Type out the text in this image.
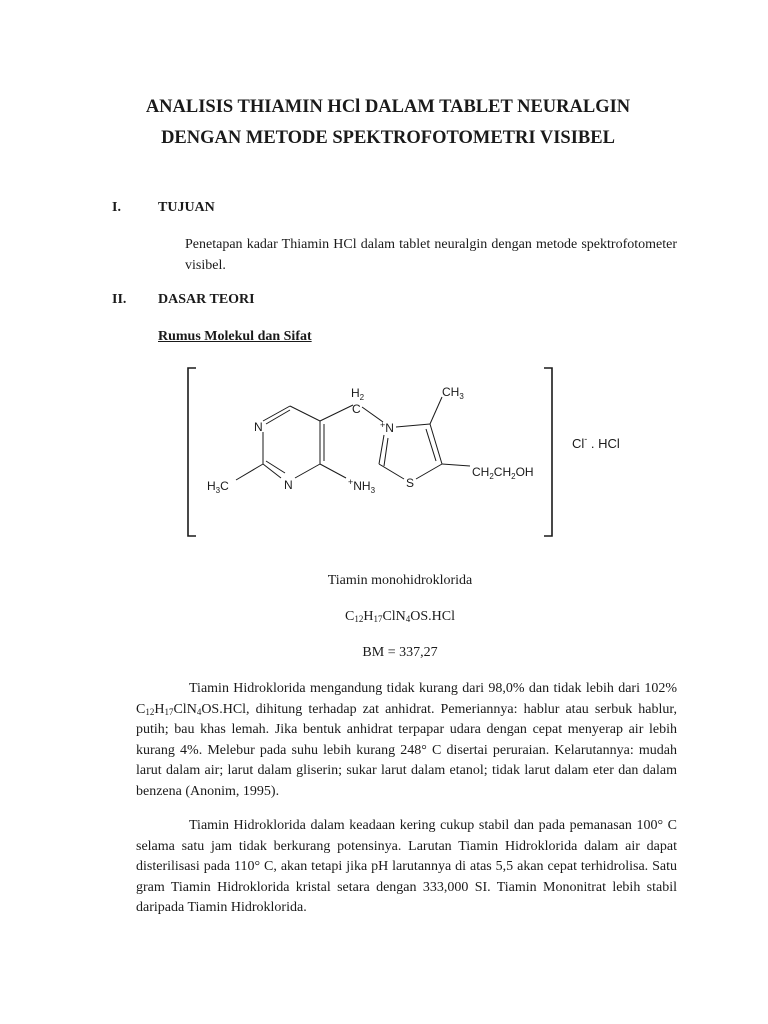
ANALISIS THIAMIN HCl DALAM TABLET NEURALGIN
DENGAN METODE SPEKTROFOTOMETRI VISIBEL
I.	TUJUAN

Penetapan kadar Thiamin HCl dalam tablet neuralgin dengan metode spektrofotometer visibel.

II. DASAR TEORI
Rumus Molekul dan Sifat
N
N
$H_3C$	$^+NH_3$
$H_2$
C
+N
$CH_3$
S
$CH_2CH_2OH$
Cl- . HCl
Tiamin monohidroklorida
$C_{12}H_{17}ClN_4OS.HCl$
BM = 337,27

Tiamin Hidroklorida mengandung tidak kurang dari 98,0% dan tidak lebih dari 102% $C_{12}H_{17}ClN_4OS.HCl$, dihitung terhadap zat anhidrat. Pemeriannya: hablur atau serbuk hablur, putih; bau khas lemah. Jika bentuk anhidrat terpapar udara dengan cepat menyerap air lebih kurang 4%. Melebur pada suhu lebih kurang 248° C disertai peruraian. Kelarutannya: mudah larut dalam air; larut dalam gliserin; sukar larut dalam etanol; tidak larut dalam eter dan dalam benzena (Anonim, 1995).

Tiamin Hidroklorida dalam keadaan kering cukup stabil dan pada pemanasan 100° C selama satu jam tidak berkurang potensinya. Larutan Tiamin Hidroklorida dalam air dapat disterilisasi pada 110° C, akan tetapi jika pH larutannya di atas 5,5 akan cepat terhidrolisa. Satu gram Tiamin Hidroklorida kristal setara dengan 333,000 SI. Tiamin Mononitrat lebih stabil daripada Tiamin Hidroklorida.
